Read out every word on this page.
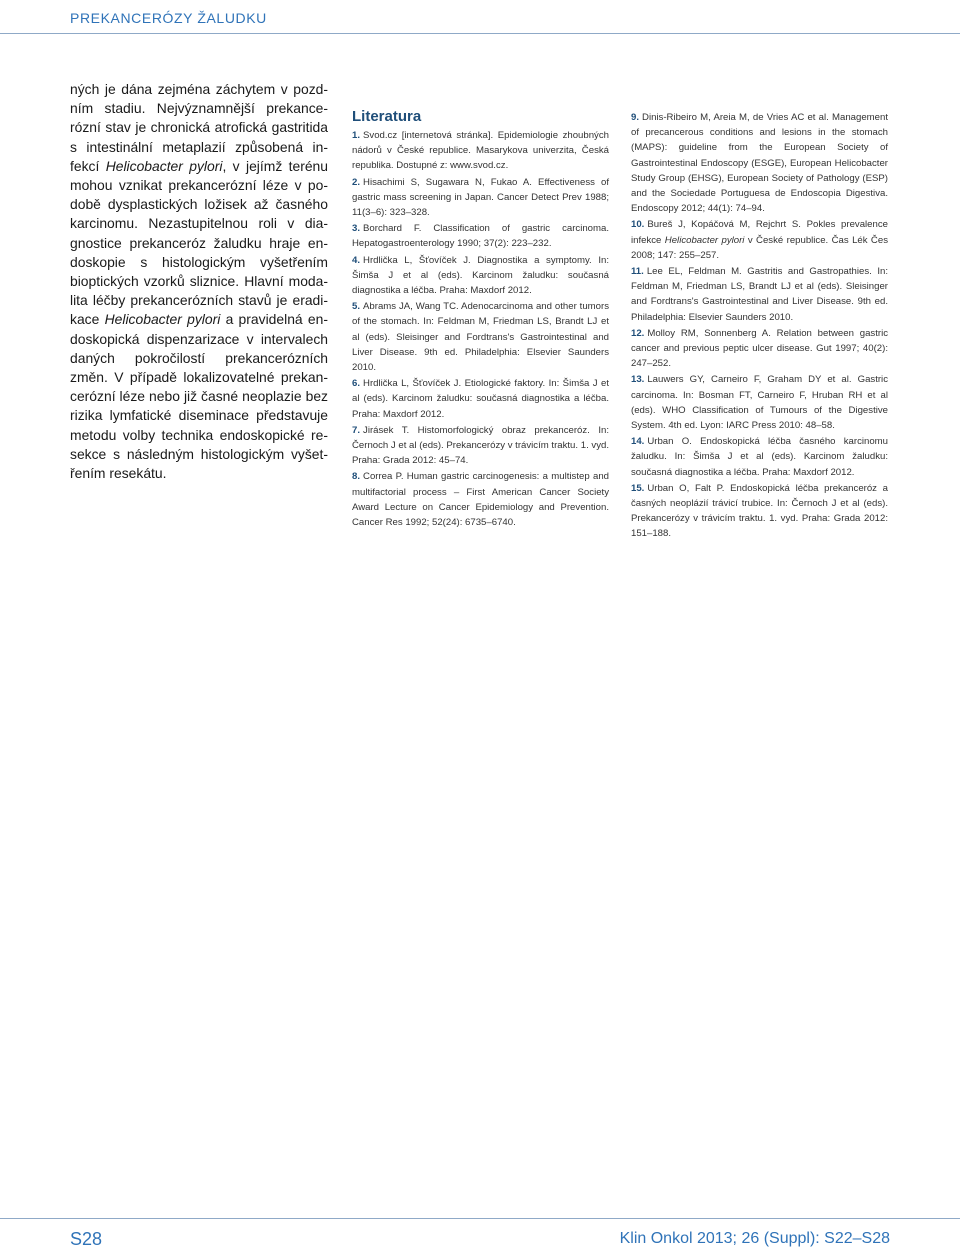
PREKANCERÓZY ŽALUDKU
ných je dána zejména záchytem v pozd-ním stadiu. Nejvýznamnější prekance-rózní stav je chronická atrofická gastritida s intestinální metaplazií způsobená in-fekcí Helicobacter pylori, v jejímž terénu mohou vznikat prekancerózní léze v po-době dysplastických ložisek až časného karcinomu. Nezastupitelnou roli v dia-gnostice prekanceróz žaludku hraje en-doskopie s histologickým vyšetřením bioptických vzorků sliznice. Hlavní moda-lita léčby prekancerózních stavů je eradi-kace Helicobacter pylori a pravidelná en-doskopická dispenzarizace v intervalech daných pokročilostí prekancerózních změn. V případě lokalizovatelné prekan-cerózní léze nebo již časné neoplazie bez rizika lymfatické diseminace představuje metodu volby technika endoskopické re-sekce s následným histologickým vyšet-řením resekátu.
Literatura
1. Svod.cz [internetová stránka]. Epidemiologie zhoubných nádorů v České republice. Masarykova univerzita, Česká republika. Dostupné z: www.svod.cz.
2. Hisachimi S, Sugawara N, Fukao A. Effectiveness of gastric mass screening in Japan. Cancer Detect Prev 1988; 11(3–6): 323–328.
3. Borchard F. Classification of gastric carcinoma. Hepatogastroenterology 1990; 37(2): 223–232.
4. Hrdlička L, Šťovíček J. Diagnostika a symptomy. In: Šimša J et al (eds). Karcinom žaludku: současná diagnostika a léčba. Praha: Maxdorf 2012.
5. Abrams JA, Wang TC. Adenocarcinoma and other tumors of the stomach. In: Feldman M, Friedman LS, Brandt LJ et al (eds). Sleisinger and Fordtrans's Gastrointestinal and Liver Disease. 9th ed. Philadelphia: Elsevier Saunders 2010.
6. Hrdlička L, Šťovíček J. Etiologické faktory. In: Šimša J et al (eds). Karcinom žaludku: současná diagnostika a léčba. Praha: Maxdorf 2012.
7. Jirásek T. Histomorfologický obraz prekanceróz. In: Černoch J et al (eds). Prekancerózy v trávicím traktu. 1. vyd. Praha: Grada 2012: 45–74.
8. Correa P. Human gastric carcinogenesis: a multistep and multifactorial process – First American Cancer Society Award Lecture on Cancer Epidemiology and Prevention. Cancer Res 1992; 52(24): 6735–6740.
9. Dinis-Ribeiro M, Areia M, de Vries AC et al. Management of precancerous conditions and lesions in the stomach (MAPS): guideline from the European Society of Gastrointestinal Endoscopy (ESGE), European Helicobacter Study Group (EHSG), European Society of Pathology (ESP) and the Sociedade Portuguesa de Endoscopia Digestiva. Endoscopy 2012; 44(1): 74–94.
10. Bureš J, Kopáčová M, Rejchrt S. Pokles prevalence infekce Helicobacter pylori v České republice. Čas Lék Čes 2008; 147: 255–257.
11. Lee EL, Feldman M. Gastritis and Gastropathies. In: Feldman M, Friedman LS, Brandt LJ et al (eds). Sleisinger and Fordtrans's Gastrointestinal and Liver Disease. 9th ed. Philadelphia: Elsevier Saunders 2010.
12. Molloy RM, Sonnenberg A. Relation between gastric cancer and previous peptic ulcer disease. Gut 1997; 40(2): 247–252.
13. Lauwers GY, Carneiro F, Graham DY et al. Gastric carcinoma. In: Bosman FT, Carneiro F, Hruban RH et al (eds). WHO Classification of Tumours of the Digestive System. 4th ed. Lyon: IARC Press 2010: 48–58.
14. Urban O. Endoskopická léčba časného karcinomu žaludku. In: Šimša J et al (eds). Karcinom žaludku: současná diagnostika a léčba. Praha: Maxdorf 2012.
15. Urban O, Falt P. Endoskopická léčba prekanceróz a časných neoplázií trávicí trubice. In: Černoch J et al (eds). Prekancerózy v trávicím traktu. 1. vyd. Praha: Grada 2012: 151–188.
S28	Klin Onkol 2013; 26 (Suppl): S22–S28
